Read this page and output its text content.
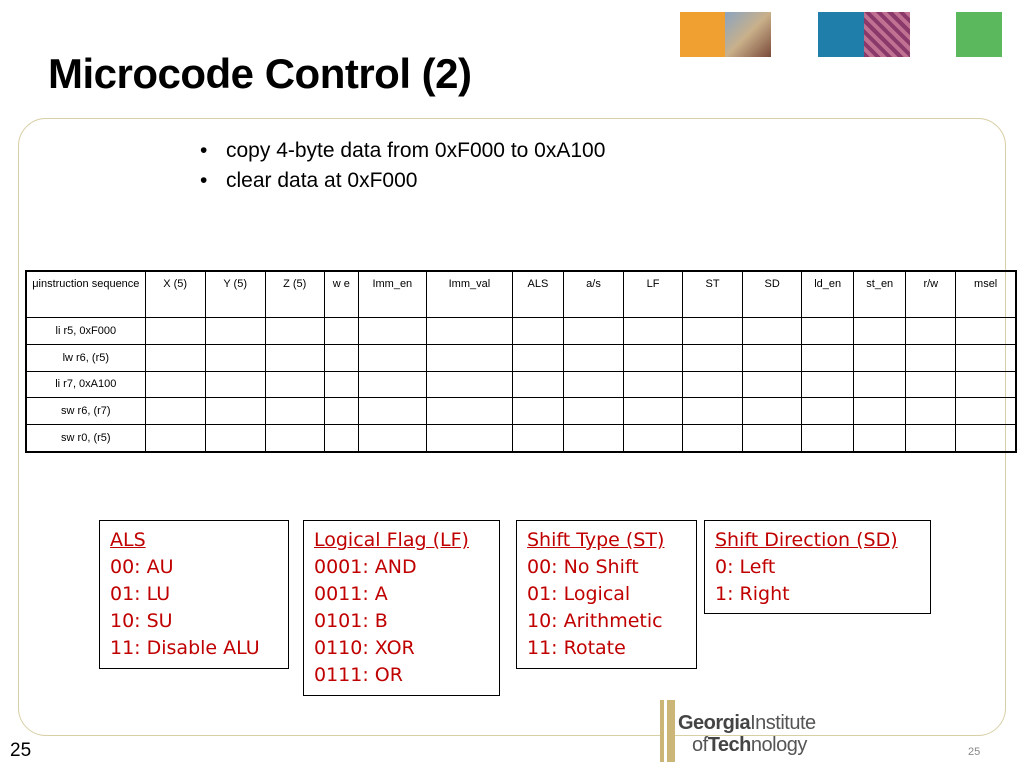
Microcode Control (2)
• copy 4-byte data from 0xF000 to 0xA100
• clear data at 0xF000
μinstruction sequence	X (5)	Y (5)	Z (5)	w e	Imm_en	Imm_val	ALS	a/s	LF	ST	SD	ld_en	st_en	r/w	msel
li r5, 0xF000															
lw r6, (r5)															
li r7, 0xA100															
sw r6, (r7)															
sw r0, (r5)															
ALS
00: AU
01: LU
10: SU
11: Disable ALU
Logical Flag (LF)
0001: AND
0011: A
0101: B
0110: XOR
0111: OR
Shift Type (ST)
00: No Shift
01: Logical
10: Arithmetic
11: Rotate
Shift Direction (SD)
0: Left
1: Right
GeorgiaInstitute
ofTechnology
25	25
